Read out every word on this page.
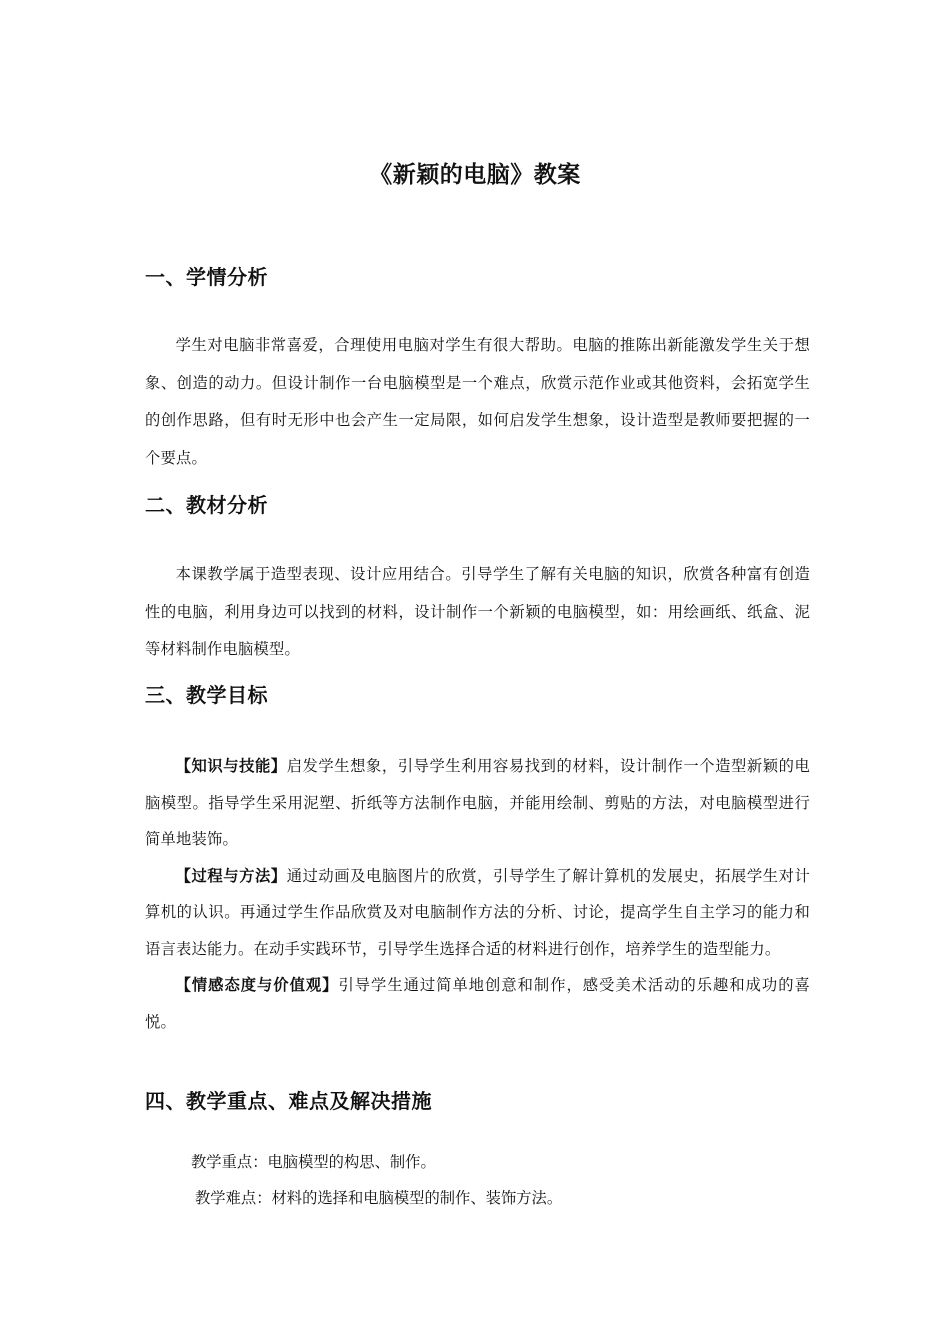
《新颖的电脑》教案
一、学情分析

学生对电脑非常喜爱，合理使用电脑对学生有很大帮助。电脑的推陈出新能激发学生关于想象、创造的动力。但设计制作一台电脑模型是一个难点，欣赏示范作业或其他资料，会拓宽学生的创作思路，但有时无形中也会产生一定局限，如何启发学生想象，设计造型是教师要把握的一个要点。

二、教材分析

本课教学属于造型表现、设计应用结合。引导学生了解有关电脑的知识，欣赏各种富有创造性的电脑，利用身边可以找到的材料，设计制作一个新颖的电脑模型，如：用绘画纸、纸盒、泥等材料制作电脑模型。

三、教学目标

【知识与技能】启发学生想象，引导学生利用容易找到的材料，设计制作一个造型新颖的电脑模型。指导学生采用泥塑、折纸等方法制作电脑，并能用绘制、剪贴的方法，对电脑模型进行简单地装饰。

【过程与方法】通过动画及电脑图片的欣赏，引导学生了解计算机的发展史，拓展学生对计算机的认识。再通过学生作品欣赏及对电脑制作方法的分析、讨论，提高学生自主学习的能力和语言表达能力。在动手实践环节，引导学生选择合适的材料进行创作，培养学生的造型能力。

【情感态度与价值观】引导学生通过简单地创意和制作，感受美术活动的乐趣和成功的喜悦。

四、教学重点、难点及解决措施

教学重点：电脑模型的构思、制作。

教学难点：材料的选择和电脑模型的制作、装饰方法。
